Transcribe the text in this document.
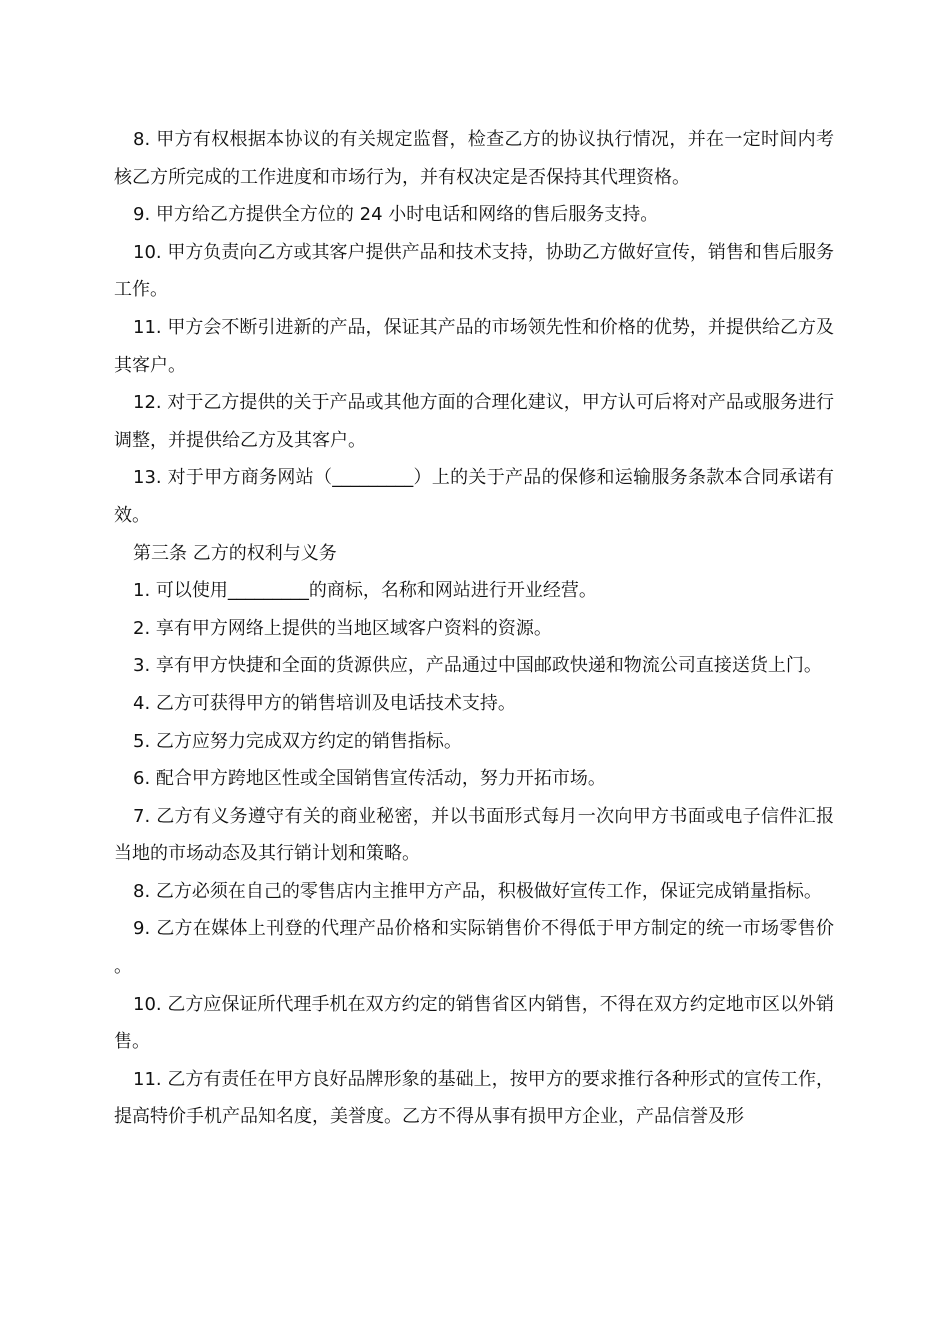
8. 甲方有权根据本协议的有关规定监督，检查乙方的协议执行情况，并在一定时间内考核乙方所完成的工作进度和市场行为，并有权决定是否保持其代理资格。

9. 甲方给乙方提供全方位的 24 小时电话和网络的售后服务支持。

10. 甲方负责向乙方或其客户提供产品和技术支持，协助乙方做好宣传，销售和售后服务工作。

11. 甲方会不断引进新的产品，保证其产品的市场领先性和价格的优势，并提供给乙方及其客户。

12. 对于乙方提供的关于产品或其他方面的合理化建议，甲方认可后将对产品或服务进行调整，并提供给乙方及其客户。

13. 对于甲方商务网站（_________）上的关于产品的保修和运输服务条款本合同承诺有效。

第三条 乙方的权利与义务

1. 可以使用_________的商标，名称和网站进行开业经营。

2. 享有甲方网络上提供的当地区域客户资料的资源。

3. 享有甲方快捷和全面的货源供应，产品通过中国邮政快递和物流公司直接送货上门。

4. 乙方可获得甲方的销售培训及电话技术支持。

5. 乙方应努力完成双方约定的销售指标。

6. 配合甲方跨地区性或全国销售宣传活动，努力开拓市场。

7. 乙方有义务遵守有关的商业秘密，并以书面形式每月一次向甲方书面或电子信件汇报当地的市场动态及其行销计划和策略。

8. 乙方必须在自己的零售店内主推甲方产品，积极做好宣传工作，保证完成销量指标。

9. 乙方在媒体上刊登的代理产品价格和实际销售价不得低于甲方制定的统一市场零售价。

10. 乙方应保证所代理手机在双方约定的销售省区内销售，不得在双方约定地市区以外销售。

11. 乙方有责任在甲方良好品牌形象的基础上，按甲方的要求推行各种形式的宣传工作，提高特价手机产品知名度，美誉度。乙方不得从事有损甲方企业，产品信誉及形
